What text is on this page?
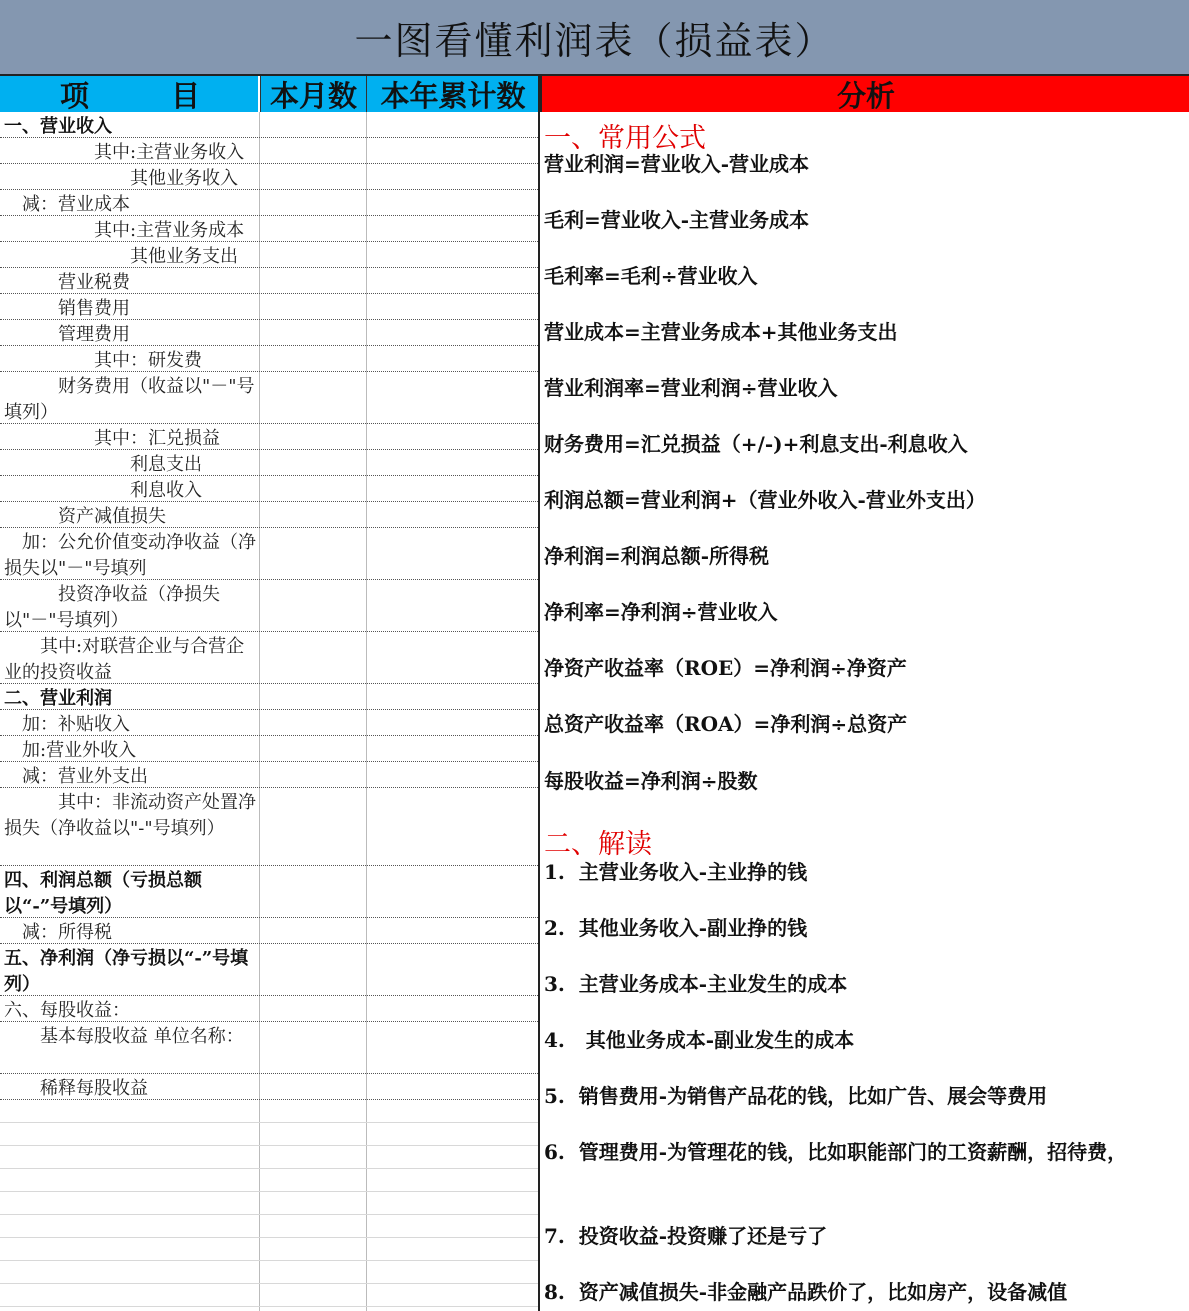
一图看懂利润表（损益表）
项	目	本月数 本年累计数	分析
一、营业收入
　　　　　其中:主营业务收入
　　　　　　　其他业务收入
　减：营业成本
　　　　　其中:主营业务成本
　　　　　　　其他业务支出
　　　营业税费
　　　销售费用
　　　管理费用
　　　　　其中：研发费
　　　财务费用（收益以"－"号填列）
　　　　　其中：汇兑损益
　　　　　　　利息支出
　　　　　　　利息收入
　　　资产减值损失
　加：公允价值变动净收益（净损失以"－"号填列
　　　投资净收益（净损失以"－"号填列）
　　其中:对联营企业与合营企业的投资收益
二、营业利润
　加：补贴收入
　加:营业外收入
　减：营业外支出
　　　其中：非流动资产处置净损失（净收益以"-"号填列）
四、利润总额（亏损总额以“-”号填列）
　减：所得税
五、净利润（净亏损以“-”号填列）
六、每股收益：
　　基本每股收益 单位名称：
　　稀释每股收益
一、常用公式
二、解读
营业利润=营业收入-营业成本
毛利=营业收入-主营业务成本
毛利率=毛利÷营业收入
营业成本=主营业务成本+其他业务支出
营业利润率=营业利润÷营业收入
财务费用=汇兑损益（+/-)+利息支出-利息收入
利润总额=营业利润+（营业外收入-营业外支出）
净利润=利润总额-所得税
净利率=净利润÷营业收入
净资产收益率（ROE）=净利润÷净资产
总资产收益率（ROA）=净利润÷总资产
每股收益=净利润÷股数
1.  主营业务收入-主业挣的钱
2.  其他业务收入-副业挣的钱
3.  主营业务成本-主业发生的成本
4.   其他业务成本-副业发生的成本
5.  销售费用-为销售产品花的钱，比如广告、展会等费用
6.  管理费用-为管理花的钱，比如职能部门的工资薪酬，招待费，
7.  投资收益-投资赚了还是亏了
8.  资产减值损失-非金融产品跌价了，比如房产，设备减值
